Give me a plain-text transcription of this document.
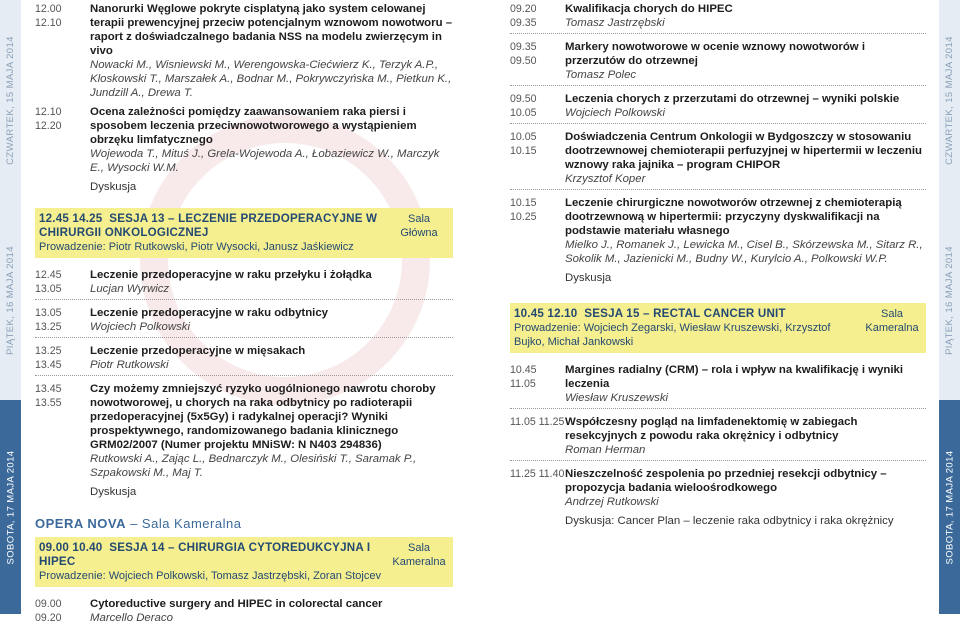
CZWARTEK, 15 MAJA 2014
PIĄTEK, 16 MAJA 2014
SOBOTA, 17 MAJA 2014
CZWARTEK, 15 MAJA 2014
PIĄTEK, 16 MAJA 2014
SOBOTA, 17 MAJA 2014
12.00 12.10
Nanorurki Węglowe pokryte cisplatyną jako system celowanej terapii prewencyjnej przeciw potencjalnym wznowom nowotworu – raport z doświadczalnego badania NSS na modelu zwierzęcym in vivo
Nowacki M., Wisniewski M., Werengowska-Ciećwierz K., Terzyk A.P., Kloskowski T., Marszałek A., Bodnar M., Pokrywczyńska M., Pietkun K., Jundzill A., Drewa T.
12.10 12.20
Ocena zależności pomiędzy zaawansowaniem raka piersi i sposobem leczenia przeciwnowotworowego a wystąpieniem obrzęku limfatycznego
Wojewoda T., Mituś J., Grela-Wojewoda A., Łobaziewicz W., Marczyk E., Wysocki W.M.
Dyskusja
12.45 14.25 SESJA 13 – LECZENIE PRZEDOPERACYJNE W CHIRURGII ONKOLOGICZNEJ
Prowadzenie: Piotr Rutkowski, Piotr Wysocki, Janusz Jaśkiewicz
Sala Główna
12.45 13.05
Leczenie przedoperacyjne w raku przełyku i żołądka
Lucjan Wyrwicz
13.05 13.25
Leczenie przedoperacyjne w raku odbytnicy
Wojciech Polkowski
13.25 13.45
Leczenie przedoperacyjne w mięsakach
Piotr Rutkowski
13.45 13.55
Czy możemy zmniejszyć ryzyko uogólnionego nawrotu choroby nowotworowej, u chorych na raka odbytnicy po radioterapii przedoperacyjnej (5x5Gy) i radykalnej operacji? Wyniki prospektywnego, randomizowanego badania klinicznego GRM02/2007 (Numer projektu MNiSW: N N403 294836)
Rutkowski A., Zając L., Bednarczyk M., Olesiński T., Saramak P., Szpakowski M., Maj T.
Dyskusja
OPERA NOVA – Sala Kameralna
09.00 10.40 SESJA 14 – CHIRURGIA CYTOREDUKCYJNA I HIPEC
Prowadzenie: Wojciech Polkowski, Tomasz Jastrzębski, Zoran Stojcev
Sala Kameralna
09.00 09.20
Cytoreductive surgery and HIPEC in colorectal cancer
Marcello Deraco
09.20 09.35
Kwalifikacja chorych do HIPEC
Tomasz Jastrzębski
09.35 09.50
Markery nowotworowe w ocenie wznowy nowotworów i przerzutów do otrzewnej
Tomasz Polec
09.50 10.05
Leczenia chorych z przerzutami do otrzewnej – wyniki polskie
Wojciech Polkowski
10.05 10.15
Doświadczenia Centrum Onkologii w Bydgoszczy w stosowaniu dootrzewnowej chemioterapii perfuzyjnej w hipertermii w leczeniu wznowy raka jajnika – program CHIPOR
Krzysztof Koper
10.15 10.25
Leczenie chirurgiczne nowotworów otrzewnej z chemioterapią dootrzewnową w hipertermii: przyczyny dyskwalifikacji na podstawie materiału własnego
Mielko J., Romanek J., Lewicka M., Cisel B., Skórzewska M., Sitarz R., Sokolik M., Jazienicki M., Budny W., Kurylcio A., Polkowski W.P.
Dyskusja
10.45 12.10 SESJA 15 – RECTAL CANCER UNIT
Prowadzenie: Wojciech Zegarski, Wiesław Kruszewski, Krzysztof Bujko, Michał Jankowski
Sala Kameralna
10.45 11.05
Margines radialny (CRM) – rola i wpływ na kwalifikację i wyniki leczenia
Wiesław Kruszewski
11.05 11.25 Współczesny pogląd na limfadenektomię w zabiegach resekcyjnych z powodu raka okrężnicy i odbytnicy
Roman Herman
11.25 11.40 Nieszczelność zespolenia po przedniej resekcji odbytnicy – propozycja badania wieloośrodkowego
Andrzej Rutkowski
Dyskusja: Cancer Plan – leczenie raka odbytnicy i raka okrężnicy
